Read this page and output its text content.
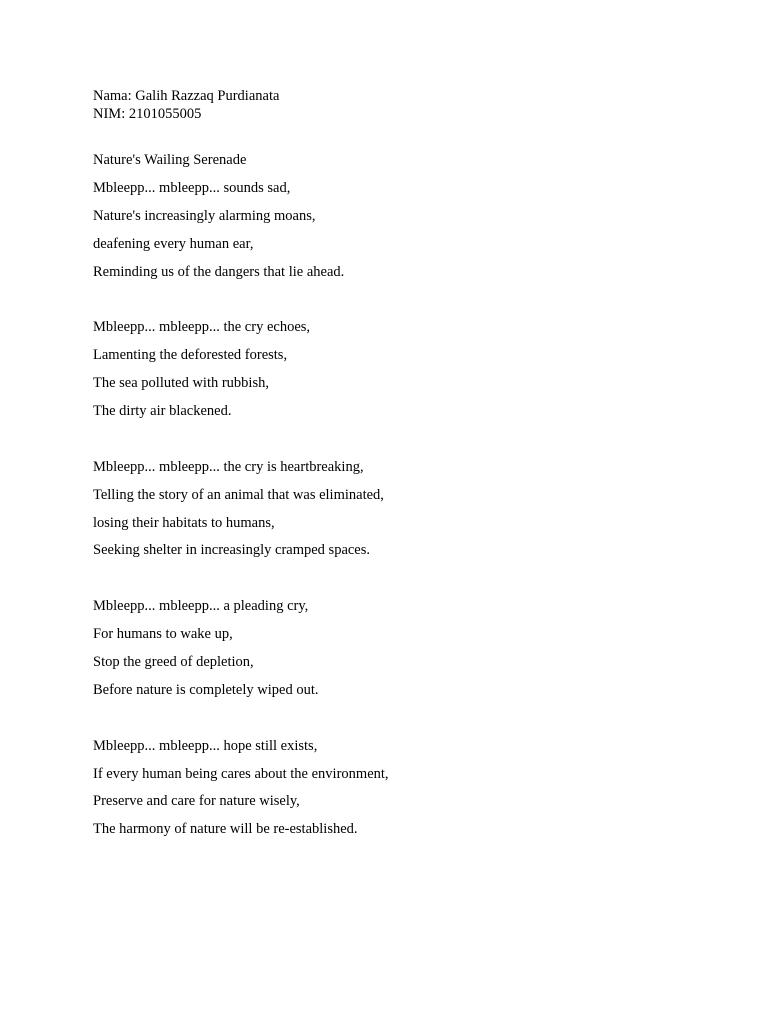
Nama: Galih Razzaq Purdianata
NIM: 2101055005
Nature's Wailing Serenade
Mbleepp... mbleepp... sounds sad,
Nature's increasingly alarming moans,
deafening every human ear,
Reminding us of the dangers that lie ahead.
Mbleepp... mbleepp... the cry echoes,
Lamenting the deforested forests,
The sea polluted with rubbish,
The dirty air blackened.
Mbleepp... mbleepp... the cry is heartbreaking,
Telling the story of an animal that was eliminated,
losing their habitats to humans,
Seeking shelter in increasingly cramped spaces.
Mbleepp... mbleepp... a pleading cry,
For humans to wake up,
Stop the greed of depletion,
Before nature is completely wiped out.
Mbleepp... mbleepp... hope still exists,
If every human being cares about the environment,
Preserve and care for nature wisely,
The harmony of nature will be re-established.
